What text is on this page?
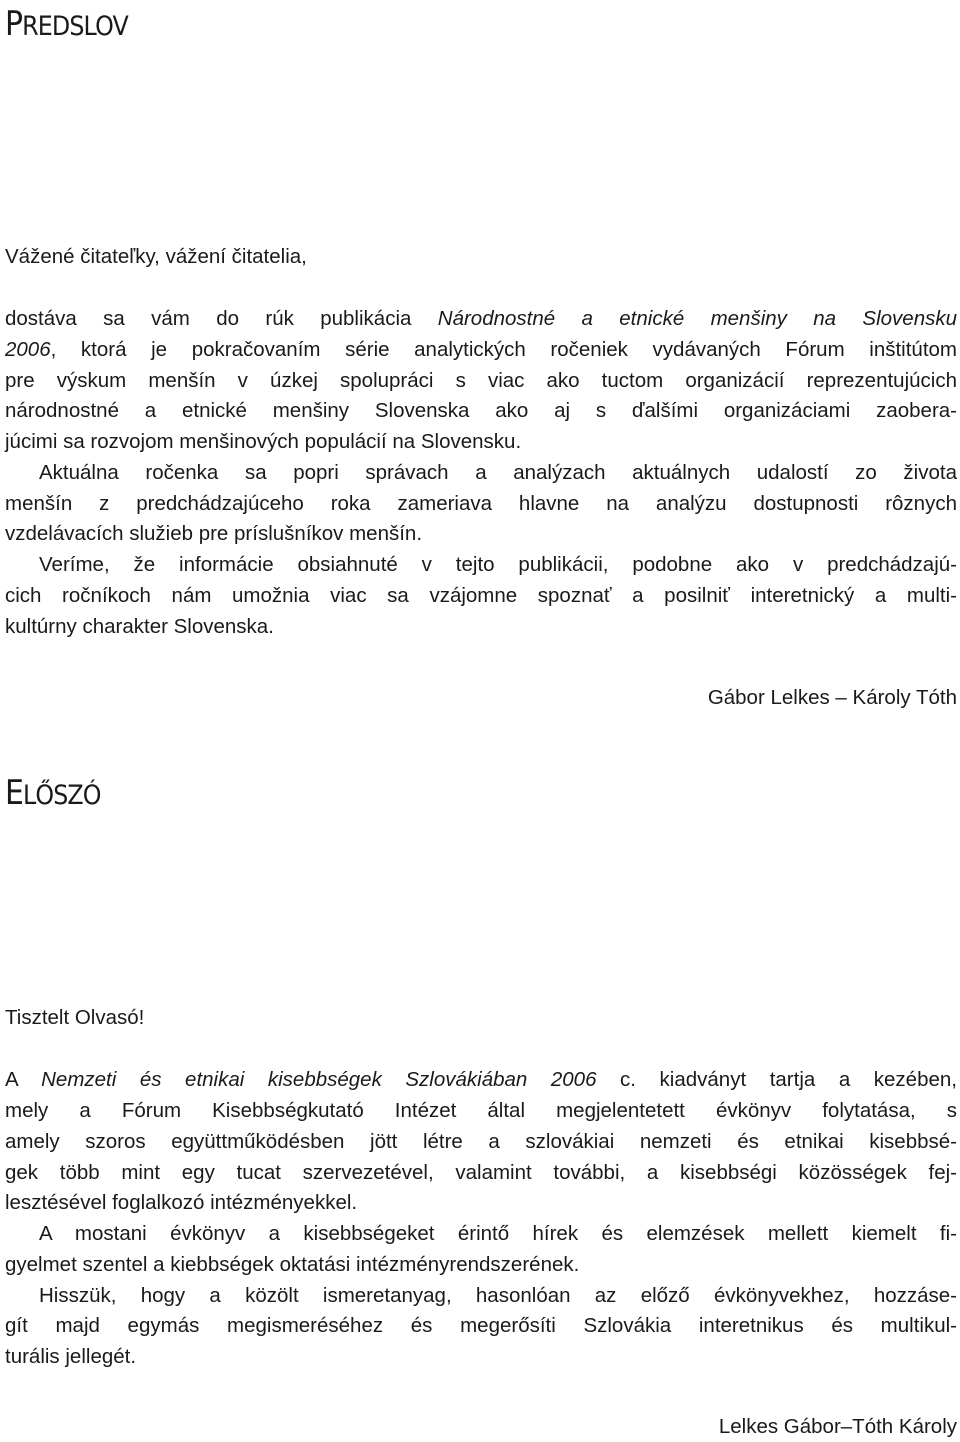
PREDSLOV
Vážené čitateľky, vážení čitatelia,
dostáva sa vám do rúk publikácia Národnostné a etnické menšiny na Slovensku
2006, ktorá je pokračovaním série analytických ročeniek vydávaných Fórum inštitútom
pre výskum menšín v úzkej spolupráci s viac ako tuctom organizácií reprezentujúcich
národnostné a etnické menšiny Slovenska ako aj s ďalšími organizáciami zaobera-
júcimi sa rozvojom menšinových populácií na Slovensku.
Aktuálna ročenka sa popri správach a analýzach aktuálnych udalostí zo života
menšín z predchádzajúceho roka zameriava hlavne na analýzu dostupnosti rôznych
vzdelávacích služieb pre príslušníkov menšín.
Veríme, že informácie obsiahnuté v tejto publikácii, podobne ako v predchádzajú-
cich ročníkoch nám umožnia viac sa vzájomne spoznať a posilniť interetnický a multi-
kultúrny charakter Slovenska.
Gábor Lelkes – Károly Tóth
ELŐSZÓ
Tisztelt Olvasó!
A Nemzeti és etnikai kisebbségek Szlovákiában 2006 c. kiadványt tartja a kezében,
mely a Fórum Kisebbségkutató Intézet által megjelentetett évkönyv folytatása, s
amely szoros együttműködésben jött létre a szlovákiai nemzeti és etnikai kisebbsé-
gek több mint egy tucat szervezetével, valamint további, a kisebbségi közösségek fej-
lesztésével foglalkozó intézményekkel.
A mostani évkönyv a kisebbségeket érintő hírek és elemzések mellett kiemelt fi-
gyelmet szentel a kiebbségek oktatási intézményrendszerének.
Hisszük, hogy a közölt ismeretanyag, hasonlóan az előző évkönyvekhez, hozzáse-
gít majd egymás megismeréséhez és megerősíti Szlovákia interetnikus és multikul-
turális jellegét.
Lelkes Gábor–Tóth Károly
